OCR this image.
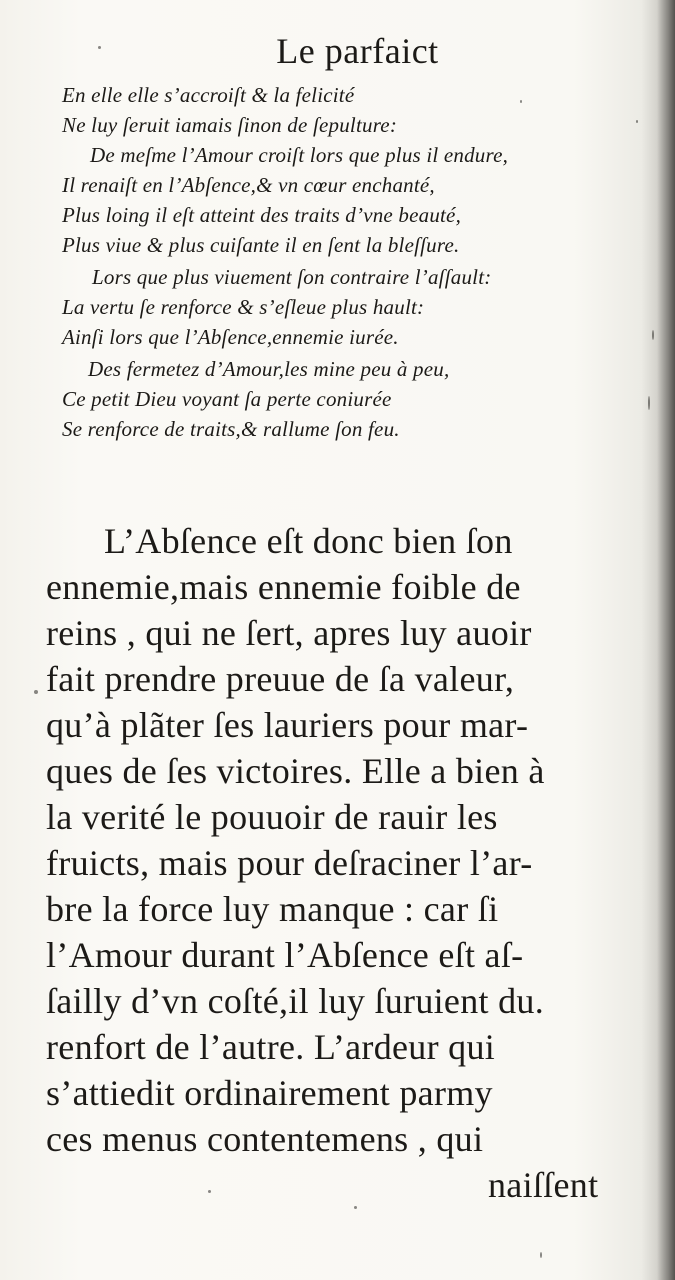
Le parfaict
En elle elle s’accroiſt & la felicité
Ne luy ſeruit iamais ſinon de ſepulture:
De meſme l’Amour croiſt lors que plus il endure,
Il renaiſt en l’Abſence,& vn cœur enchanté,
Plus loing il eſt atteint des traits d’vne beauté,
Plus viue & plus cuiſante il en ſent la bleſſure.
Lors que plus viuement ſon contraire l’aſſault:
La vertu ſe renforce & s’eſleue plus hault:
Ainſi lors que l’Abſence,ennemie iurée.
Des fermetez d’Amour,les mine peu à peu,
Ce petit Dieu voyant ſa perte coniurée
Se renforce de traits,& rallume ſon feu.
L’Abſence eſt donc bien ſon
ennemie,mais ennemie foible de
reins , qui ne ſert, apres luy auoir
fait prendre preuue de ſa valeur,
qu’à plãter ſes lauriers pour mar-
ques de ſes victoires. Elle a bien à
la verité le pouuoir de rauir les
fruicts, mais pour deſraciner l’ar-
bre la force luy manque : car ſi
l’Amour durant l’Abſence eſt aſ-
ſailly d’vn coſté,il luy ſuruient du.
renfort de l’autre. L’ardeur qui
s’attiedit ordinairement parmy
ces menus contentemens , qui
naiſſent
